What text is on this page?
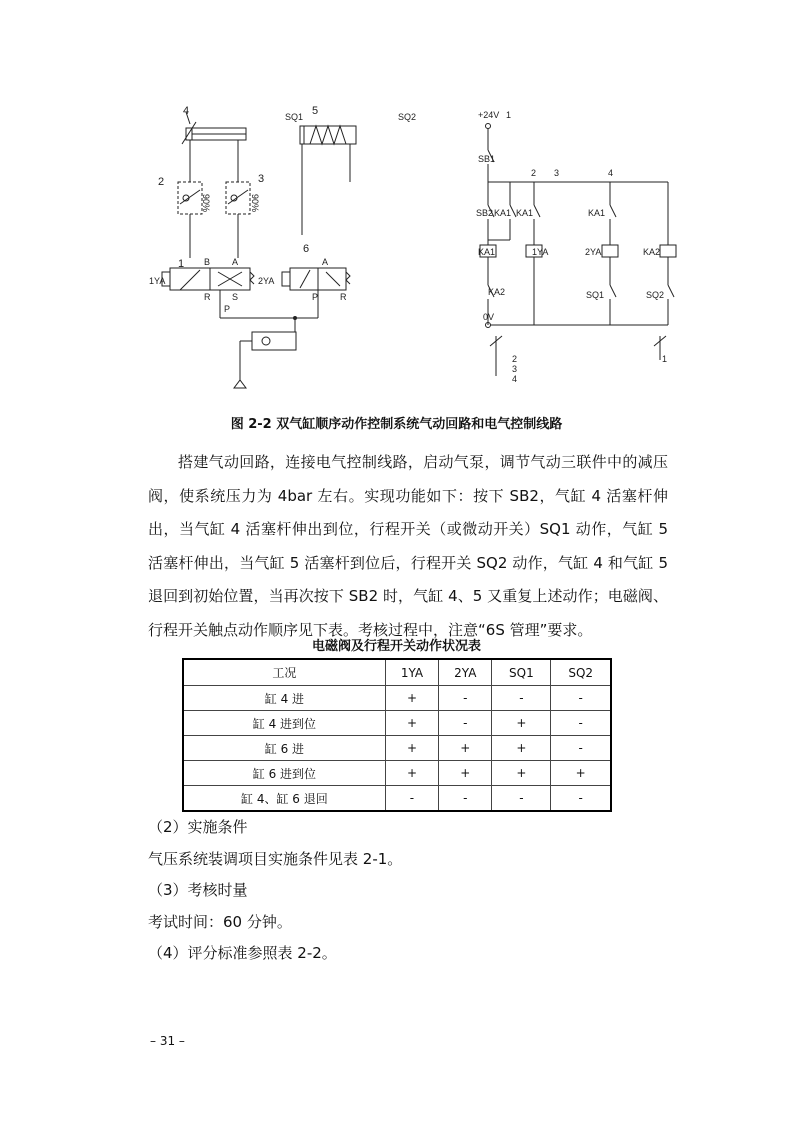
4	5
SQ1	SQ2
2	3
90%	90%
1
6
B A
1YA
R S
P
2YA
A
P R
+24V 1
2 3	4
SB1
SB2 KA1 KA1	KA1
KA1	1YA	2YA	KA2
KA2	SQ1	SQ2
0V
2
3
4
1
图 2-2 双气缸顺序动作控制系统气动回路和电气控制线路

搭建气动回路，连接电气控制线路，启动气泵，调节气动三联件中的减压阀，使系统压力为 4bar 左右。实现功能如下：按下 SB2，气缸 4 活塞杆伸出，当气缸 4 活塞杆伸出到位，行程开关（或微动开关）SQ1 动作，气缸 5 活塞杆伸出，当气缸 5 活塞杆到位后，行程开关 SQ2 动作，气缸 4 和气缸 5 退回到初始位置，当再次按下 SB2 时，气缸 4、5 又重复上述动作；电磁阀、行程开关触点动作顺序见下表。考核过程中，注意“6S 管理”要求。

电磁阀及行程开关动作状况表
工况	1YA	2YA	SQ1	SQ2
缸 4 进	+	-	-	-
缸 4 进到位	+	-	+	-
缸 6 进	+	+	+	-
缸 6 进到位	+	+	+	+
缸 4、缸 6 退回	-	-	-	-
（2）实施条件
气压系统装调项目实施条件见表 2-1。
（3）考核时量
考试时间：60 分钟。
（4）评分标准参照表 2-2。
– 31 –
